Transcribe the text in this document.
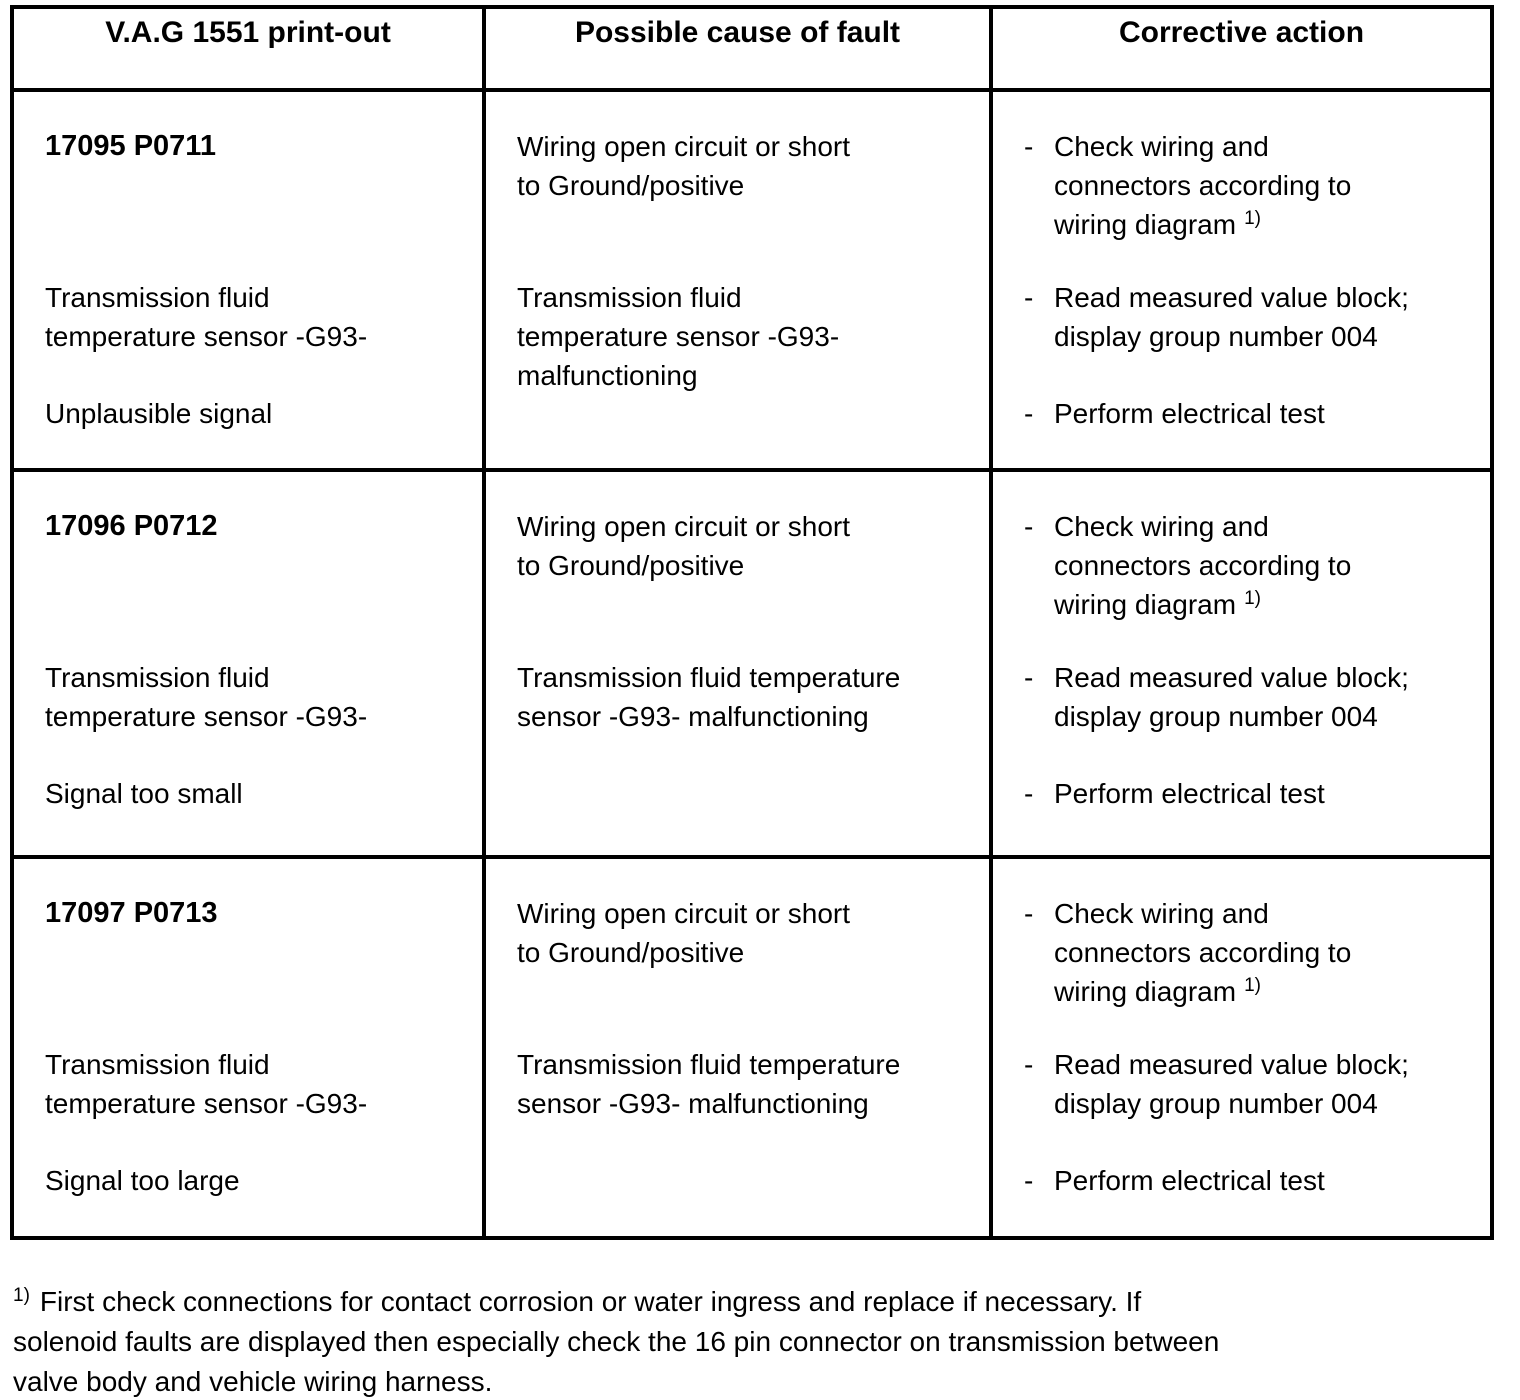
V.A.G 1551 print-out	Possible cause of fault	Corrective action
17095 P0711
Transmission fluid
temperature sensor -G93-
Unplausible signal
Wiring open circuit or short
to Ground/positive
Transmission fluid
temperature sensor -G93-
malfunctioning
- Check wiring and
connectors according to
wiring diagram $^{1)}$
- Read measured value block;
display group number 004
- Perform electrical test
17096 P0712
Transmission fluid
temperature sensor -G93-
Signal too small
Wiring open circuit or short
to Ground/positive
Transmission fluid temperature
sensor -G93- malfunctioning
- Check wiring and
connectors according to
wiring diagram $^{1)}$
- Read measured value block;
display group number 004
- Perform electrical test
17097 P0713
Transmission fluid
temperature sensor -G93-
Signal too large
Wiring open circuit or short
to Ground/positive
Transmission fluid temperature
sensor -G93- malfunctioning
- Check wiring and
connectors according to
wiring diagram $^{1)}$
- Read measured value block;
display group number 004
- Perform electrical test
$^{1)}$ First check connections for contact corrosion or water ingress and replace if necessary. If
solenoid faults are displayed then especially check the 16 pin connector on transmission between
valve body and vehicle wiring harness.
